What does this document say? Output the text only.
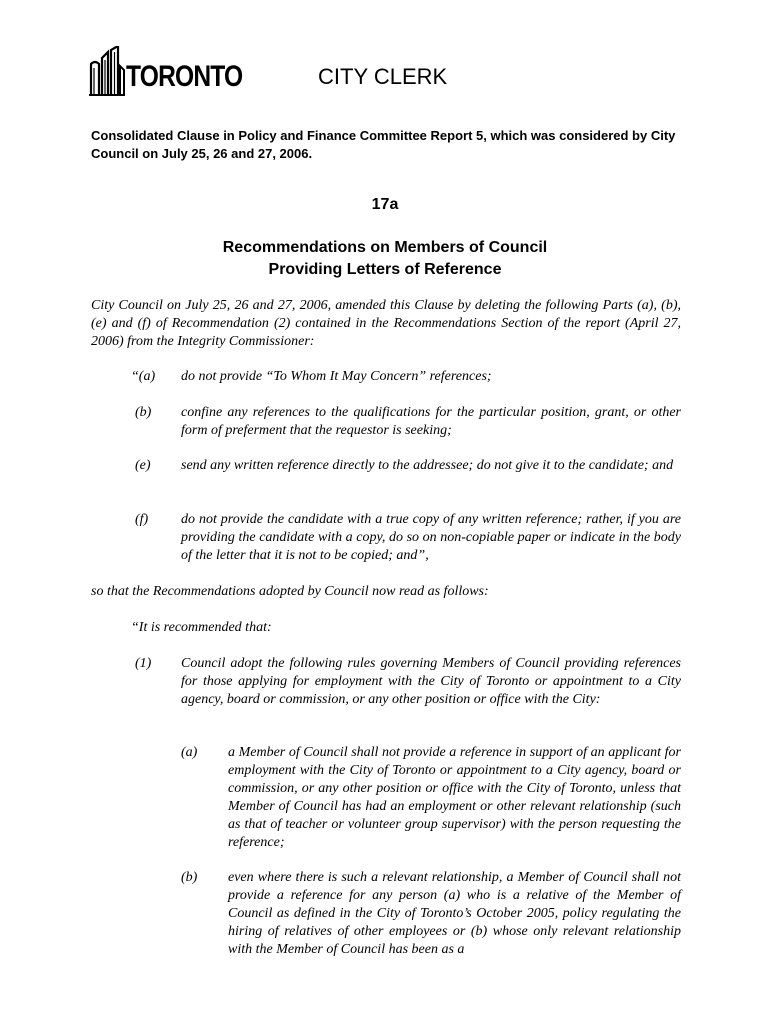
TORONTO	CITY CLERK
Consolidated Clause in Policy and Finance Committee Report 5, which was considered by City Council on July 25, 26 and 27, 2006.
17a
Recommendations on Members of Council
Providing Letters of Reference
City Council on July 25, 26 and 27, 2006, amended this Clause by deleting the following Parts (a), (b), (e) and (f) of Recommendation (2) contained in the Recommendations Section of the report (April 27, 2006) from the Integrity Commissioner:
“(a) do not provide “To Whom It May Concern” references;
(b) confine any references to the qualifications for the particular position, grant, or other form of preferment that the requestor is seeking;
(e) send any written reference directly to the addressee; do not give it to the candidate; and
(f) do not provide the candidate with a true copy of any written reference; rather, if you are providing the candidate with a copy, do so on non-copiable paper or indicate in the body of the letter that it is not to be copied; and”,
so that the Recommendations adopted by Council now read as follows:
“It is recommended that:
(1) Council adopt the following rules governing Members of Council providing references for those applying for employment with the City of Toronto or appointment to a City agency, board or commission, or any other position or office with the City:
(a) a Member of Council shall not provide a reference in support of an applicant for employment with the City of Toronto or appointment to a City agency, board or commission, or any other position or office with the City of Toronto, unless that Member of Council has had an employment or other relevant relationship (such as that of teacher or volunteer group supervisor) with the person requesting the reference;
(b) even where there is such a relevant relationship, a Member of Council shall not provide a reference for any person (a) who is a relative of the Member of Council as defined in the City of Toronto’s October 2005, policy regulating the hiring of relatives of other employees or (b) whose only relevant relationship with the Member of Council has been as a
